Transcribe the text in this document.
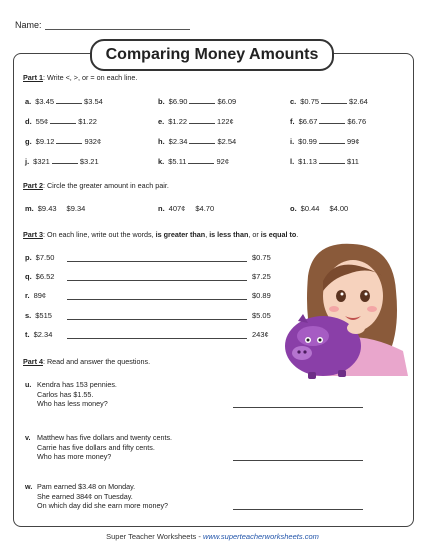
Name:
Comparing Money Amounts
Part 1: Write <, >, or = on each line.
a. $3.45	$3.54	b. $6.90	$6.09	c. $0.75	$2.64
d. 55¢	$1.22	e. $1.22	122¢	f. $6.67	$6.76
g. $9.12	932¢	h. $2.34	$2.54	i. $0.99	99¢
j. $321	$3.21	k. $5.11	92¢	l. $1.13	$11
Part 2: Circle the greater amount in each pair.
m. $9.43 $9.34	n. 407¢ $4.70	o. $0.44 $4.00
Part 3: On each line, write out the words, is greater than, is less than, or is equal to.
p. $7.50	$0.75
q. $6.52	$7.25
r. 89¢	$0.89
s. $515	$5.05
t. $2.34	243¢
Part 4: Read and answer the questions.
u. Kendra has 153 pennies.
Carlos has $1.55.
Who has less money?
v. Matthew has five dollars and twenty cents.
Carrie has five dollars and fifty cents.
Who has more money?
w. Pam earned $3.48 on Monday.
She earned 384¢ on Tuesday.
On which day did she earn more money?
Super Teacher Worksheets - www.superteacherworksheets.com
